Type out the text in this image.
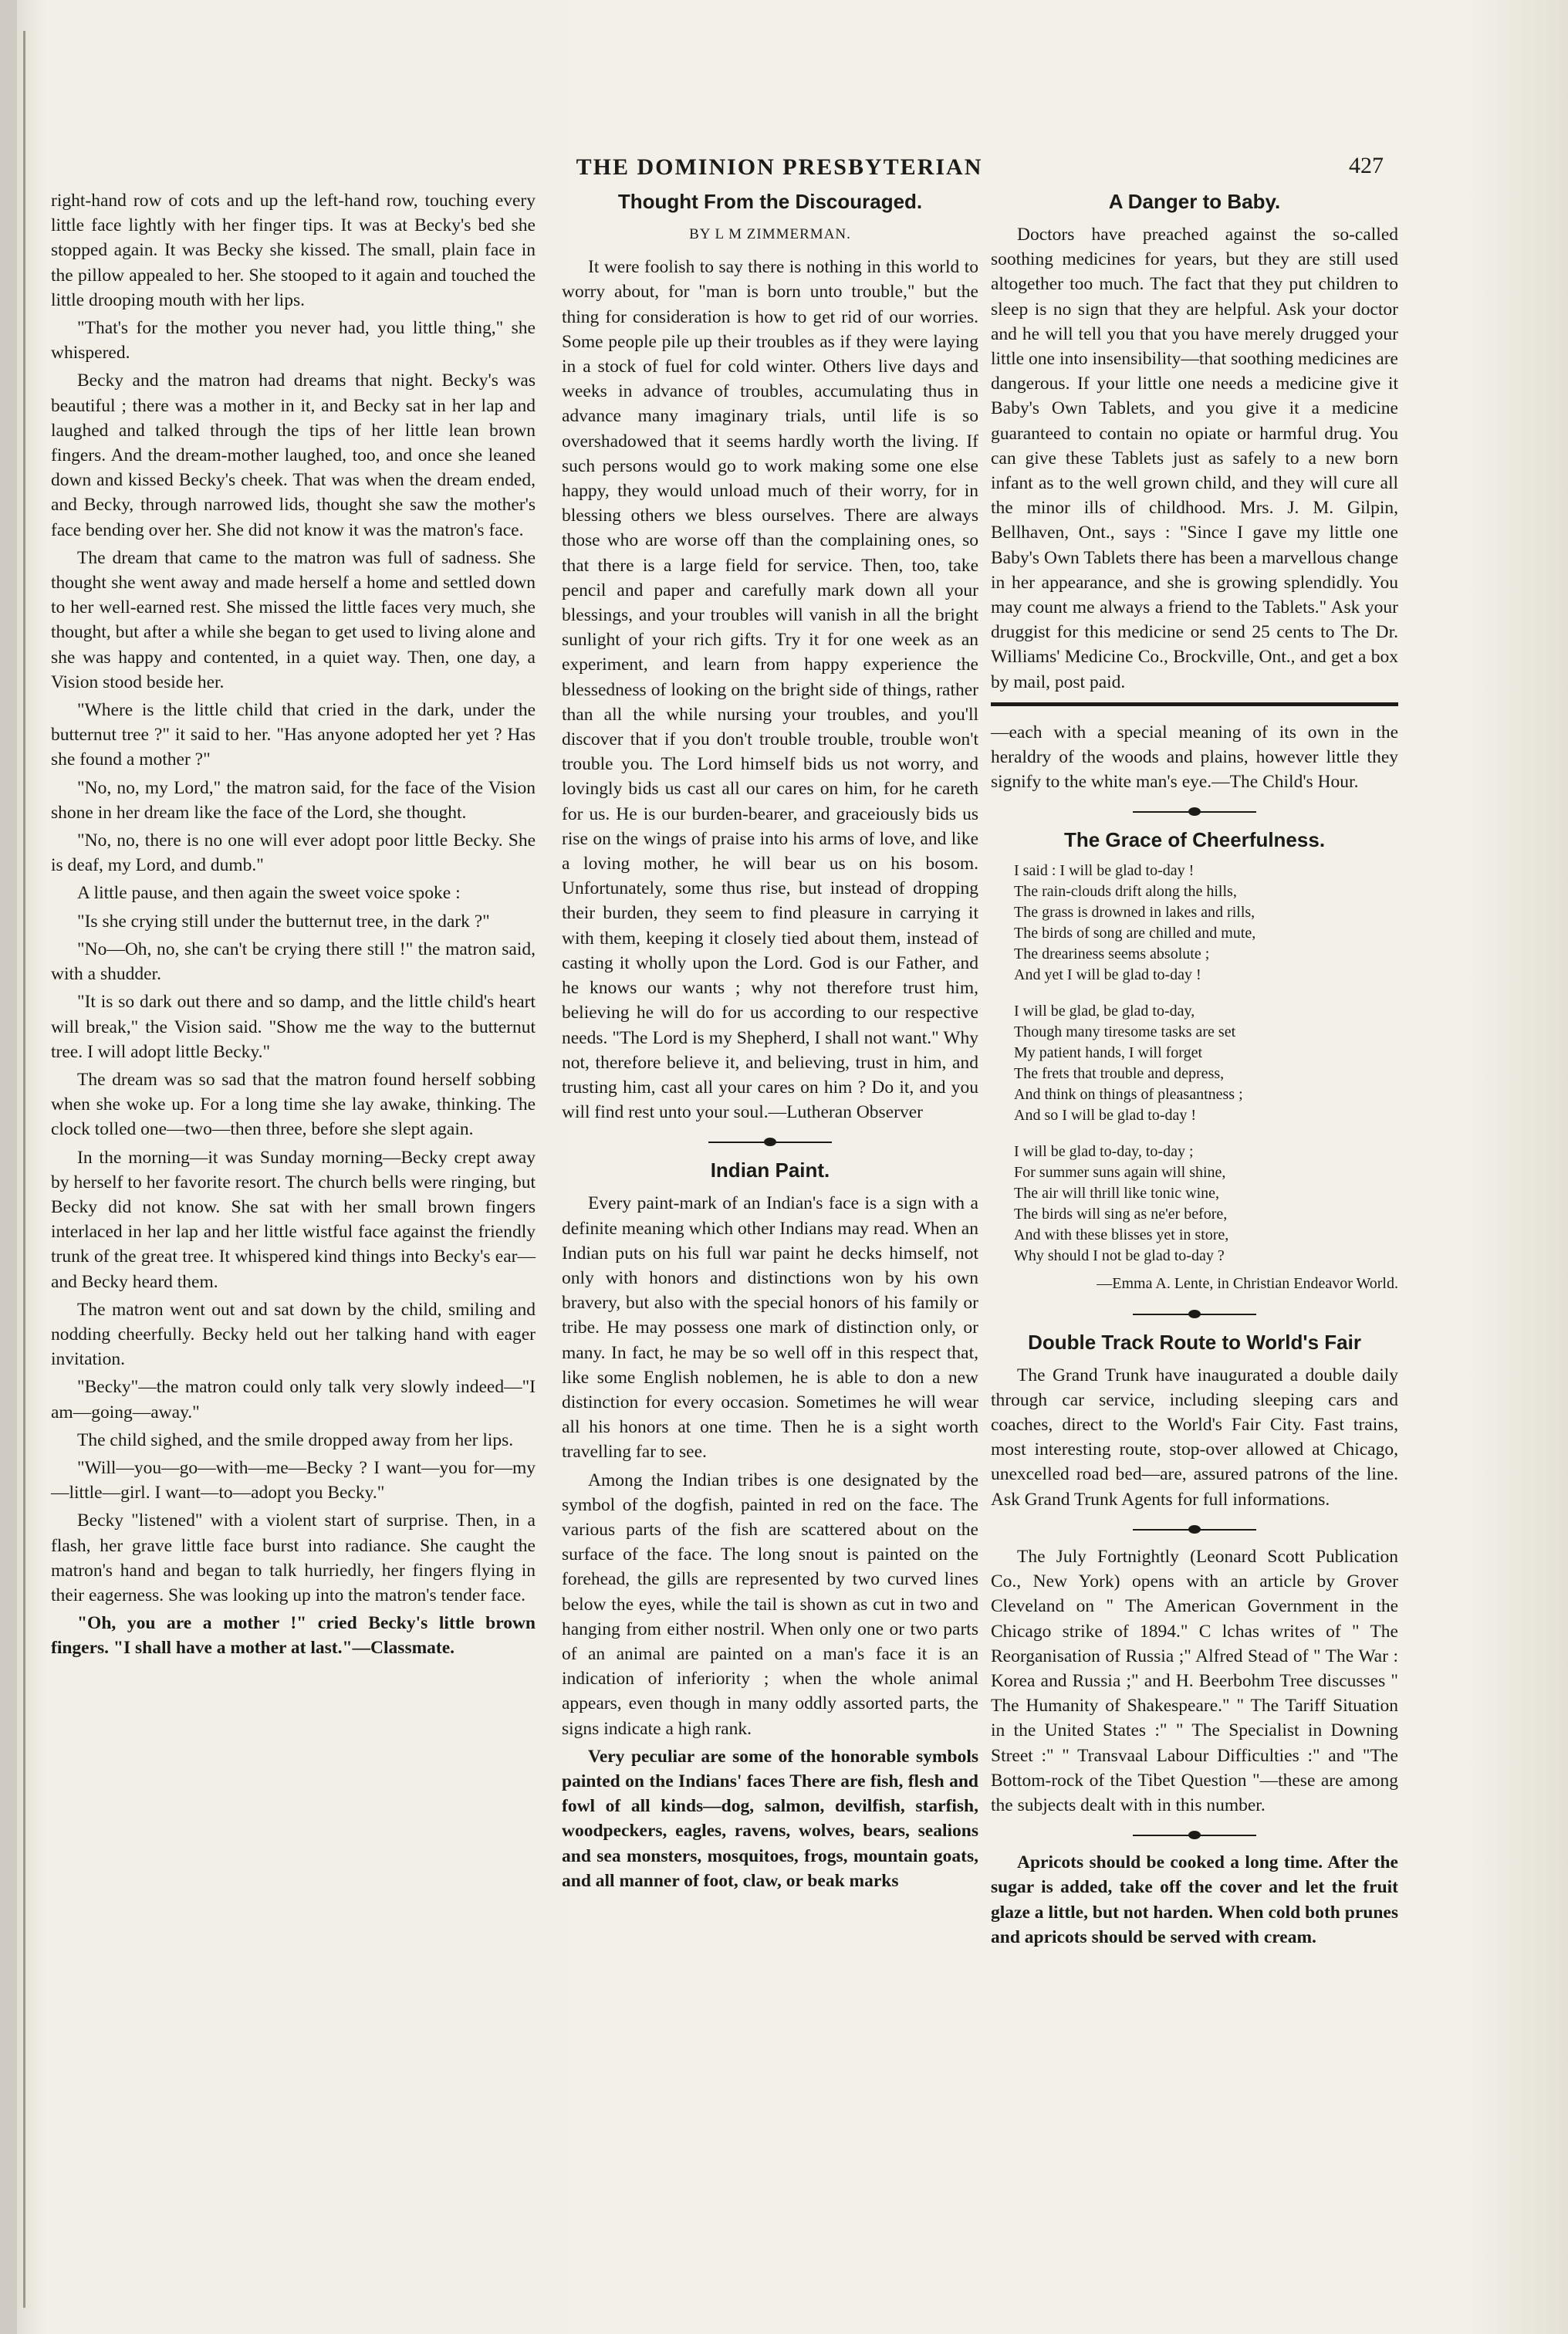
THE DOMINION PRESBYTERIAN	427

right-hand row of cots and up the left-hand row, touching every little face lightly with her finger tips. It was at Becky's bed she stopped again. It was Becky she kissed. The small, plain face in the pillow appealed to her. She stooped to it again and touched the little drooping mouth with her lips.

"That's for the mother you never had, you little thing," she whispered.

Becky and the matron had dreams that night. Becky's was beautiful ; there was a mother in it, and Becky sat in her lap and laughed and talked through the tips of her little lean brown fingers. And the dream-mother laughed, too, and once she leaned down and kissed Becky's cheek. That was when the dream ended, and Becky, through narrowed lids, thought she saw the mother's face bending over her. She did not know it was the matron's face.

The dream that came to the matron was full of sadness. She thought she went away and made herself a home and settled down to her well-earned rest. She missed the little faces very much, she thought, but after a while she began to get used to living alone and she was happy and contented, in a quiet way. Then, one day, a Vision stood beside her.

"Where is the little child that cried in the dark, under the butternut tree ?" it said to her. "Has anyone adopted her yet ? Has she found a mother ?"

"No, no, my Lord," the matron said, for the face of the Vision shone in her dream like the face of the Lord, she thought.

"No, no, there is no one will ever adopt poor little Becky. She is deaf, my Lord, and dumb."

A little pause, and then again the sweet voice spoke :

"Is she crying still under the butternut tree, in the dark ?"

"No—Oh, no, she can't be crying there still !" the matron said, with a shudder.

"It is so dark out there and so damp, and the little child's heart will break," the Vision said. "Show me the way to the butternut tree. I will adopt little Becky."

The dream was so sad that the matron found herself sobbing when she woke up. For a long time she lay awake, thinking. The clock tolled one—two—then three, before she slept again.

In the morning—it was Sunday morning—Becky crept away by herself to her favorite resort. The church bells were ringing, but Becky did not know. She sat with her small brown fingers interlaced in her lap and her little wistful face against the friendly trunk of the great tree. It whispered kind things into Becky's ear—and Becky heard them.

The matron went out and sat down by the child, smiling and nodding cheerfully. Becky held out her talking hand with eager invitation.

"Becky"—the matron could only talk very slowly indeed—"I am—going—away."

The child sighed, and the smile dropped away from her lips.

"Will—you—go—with—me—Becky ? I want—you for—my—little—girl. I want—to—adopt you Becky."

Becky "listened" with a violent start of surprise. Then, in a flash, her grave little face burst into radiance. She caught the matron's hand and began to talk hurriedly, her fingers flying in their eagerness. She was looking up into the matron's tender face.

"Oh, you are a mother !" cried Becky's little brown fingers. "I shall have a mother at last."—Classmate.

Thought From the Discouraged.
BY L M ZIMMERMAN.

It were foolish to say there is nothing in this world to worry about, for "man is born unto trouble," but the thing for consideration is how to get rid of our worries. Some people pile up their troubles as if they were laying in a stock of fuel for cold winter. Others live days and weeks in advance of troubles, accumulating thus in advance many imaginary trials, until life is so overshadowed that it seems hardly worth the living. If such persons would go to work making some one else happy, they would unload much of their worry, for in blessing others we bless ourselves. There are always those who are worse off than the complaining ones, so that there is a large field for service. Then, too, take pencil and paper and carefully mark down all your blessings, and your troubles will vanish in all the bright sunlight of your rich gifts. Try it for one week as an experiment, and learn from happy experience the blessedness of looking on the bright side of things, rather than all the while nursing your troubles, and you'll discover that if you don't trouble trouble, trouble won't trouble you. The Lord himself bids us not worry, and lovingly bids us cast all our cares on him, for he careth for us. He is our burden-bearer, and graceiously bids us rise on the wings of praise into his arms of love, and like a loving mother, he will bear us on his bosom. Unfortunately, some thus rise, but instead of dropping their burden, they seem to find pleasure in carrying it with them, keeping it closely tied about them, instead of casting it wholly upon the Lord. God is our Father, and he knows our wants ; why not therefore trust him, believing he will do for us according to our respective needs. "The Lord is my Shepherd, I shall not want." Why not, therefore believe it, and believing, trust in him, and trusting him, cast all your cares on him ? Do it, and you will find rest unto your soul.—Lutheran Observer

Indian Paint.

Every paint-mark of an Indian's face is a sign with a definite meaning which other Indians may read. When an Indian puts on his full war paint he decks himself, not only with honors and distinctions won by his own bravery, but also with the special honors of his family or tribe. He may possess one mark of distinction only, or many. In fact, he may be so well off in this respect that, like some English noblemen, he is able to don a new distinction for every occasion. Sometimes he will wear all his honors at one time. Then he is a sight worth travelling far to see.

Among the Indian tribes is one designated by the symbol of the dogfish, painted in red on the face. The various parts of the fish are scattered about on the surface of the face. The long snout is painted on the forehead, the gills are represented by two curved lines below the eyes, while the tail is shown as cut in two and hanging from either nostril. When only one or two parts of an animal are painted on a man's face it is an indication of inferiority ; when the whole animal appears, even though in many oddly assorted parts, the signs indicate a high rank.

Very peculiar are some of the honorable symbols painted on the Indians' faces There are fish, flesh and fowl of all kinds—dog, salmon, devilfish, starfish, woodpeckers, eagles, ravens, wolves, bears, sealions and sea monsters, mosquitoes, frogs, mountain goats, and all manner of foot, claw, or beak marks

A Danger to Baby.

Doctors have preached against the so-called soothing medicines for years, but they are still used altogether too much. The fact that they put children to sleep is no sign that they are helpful. Ask your doctor and he will tell you that you have merely drugged your little one into insensibility—that soothing medicines are dangerous. If your little one needs a medicine give it Baby's Own Tablets, and you give it a medicine guaranteed to contain no opiate or harmful drug. You can give these Tablets just as safely to a new born infant as to the well grown child, and they will cure all the minor ills of childhood. Mrs. J. M. Gilpin, Bellhaven, Ont., says : "Since I gave my little one Baby's Own Tablets there has been a marvellous change in her appearance, and she is growing splendidly. You may count me always a friend to the Tablets." Ask your druggist for this medicine or send 25 cents to The Dr. Williams' Medicine Co., Brockville, Ont., and get a box by mail, post paid.

—each with a special meaning of its own in the heraldry of the woods and plains, however little they signify to the white man's eye.—The Child's Hour.

The Grace of Cheerfulness.
I said : I will be glad to-day !
The rain-clouds drift along the hills,
The grass is drowned in lakes and rills,
The birds of song are chilled and mute,
The dreariness seems absolute ;
And yet I will be glad to-day !
I will be glad, be glad to-day,
Though many tiresome tasks are set
My patient hands, I will forget
The frets that trouble and depress,
And think on things of pleasantness ;
And so I will be glad to-day !
I will be glad to-day, to-day ;
For summer suns again will shine,
The air will thrill like tonic wine,
The birds will sing as ne'er before,
And with these blisses yet in store,
Why should I not be glad to-day ?
—Emma A. Lente, in Christian Endeavor World.
Double Track Route to World's Fair

The Grand Trunk have inaugurated a double daily through car service, including sleeping cars and coaches, direct to the World's Fair City. Fast trains, most interesting route, stop-over allowed at Chicago, unexcelled road bed—are, assured patrons of the line. Ask Grand Trunk Agents for full informations.

The July Fortnightly (Leonard Scott Publication Co., New York) opens with an article by Grover Cleveland on " The American Government in the Chicago strike of 1894." C lchas writes of " The Reorganisation of Russia ;" Alfred Stead of " The War : Korea and Russia ;" and H. Beerbohm Tree discusses " The Humanity of Shakespeare." " The Tariff Situation in the United States :" " The Specialist in Downing Street :" " Transvaal Labour Difficulties :" and "The Bottom-rock of the Tibet Question "—these are among the subjects dealt with in this number.

Apricots should be cooked a long time. After the sugar is added, take off the cover and let the fruit glaze a little, but not harden. When cold both prunes and apricots should be served with cream.
